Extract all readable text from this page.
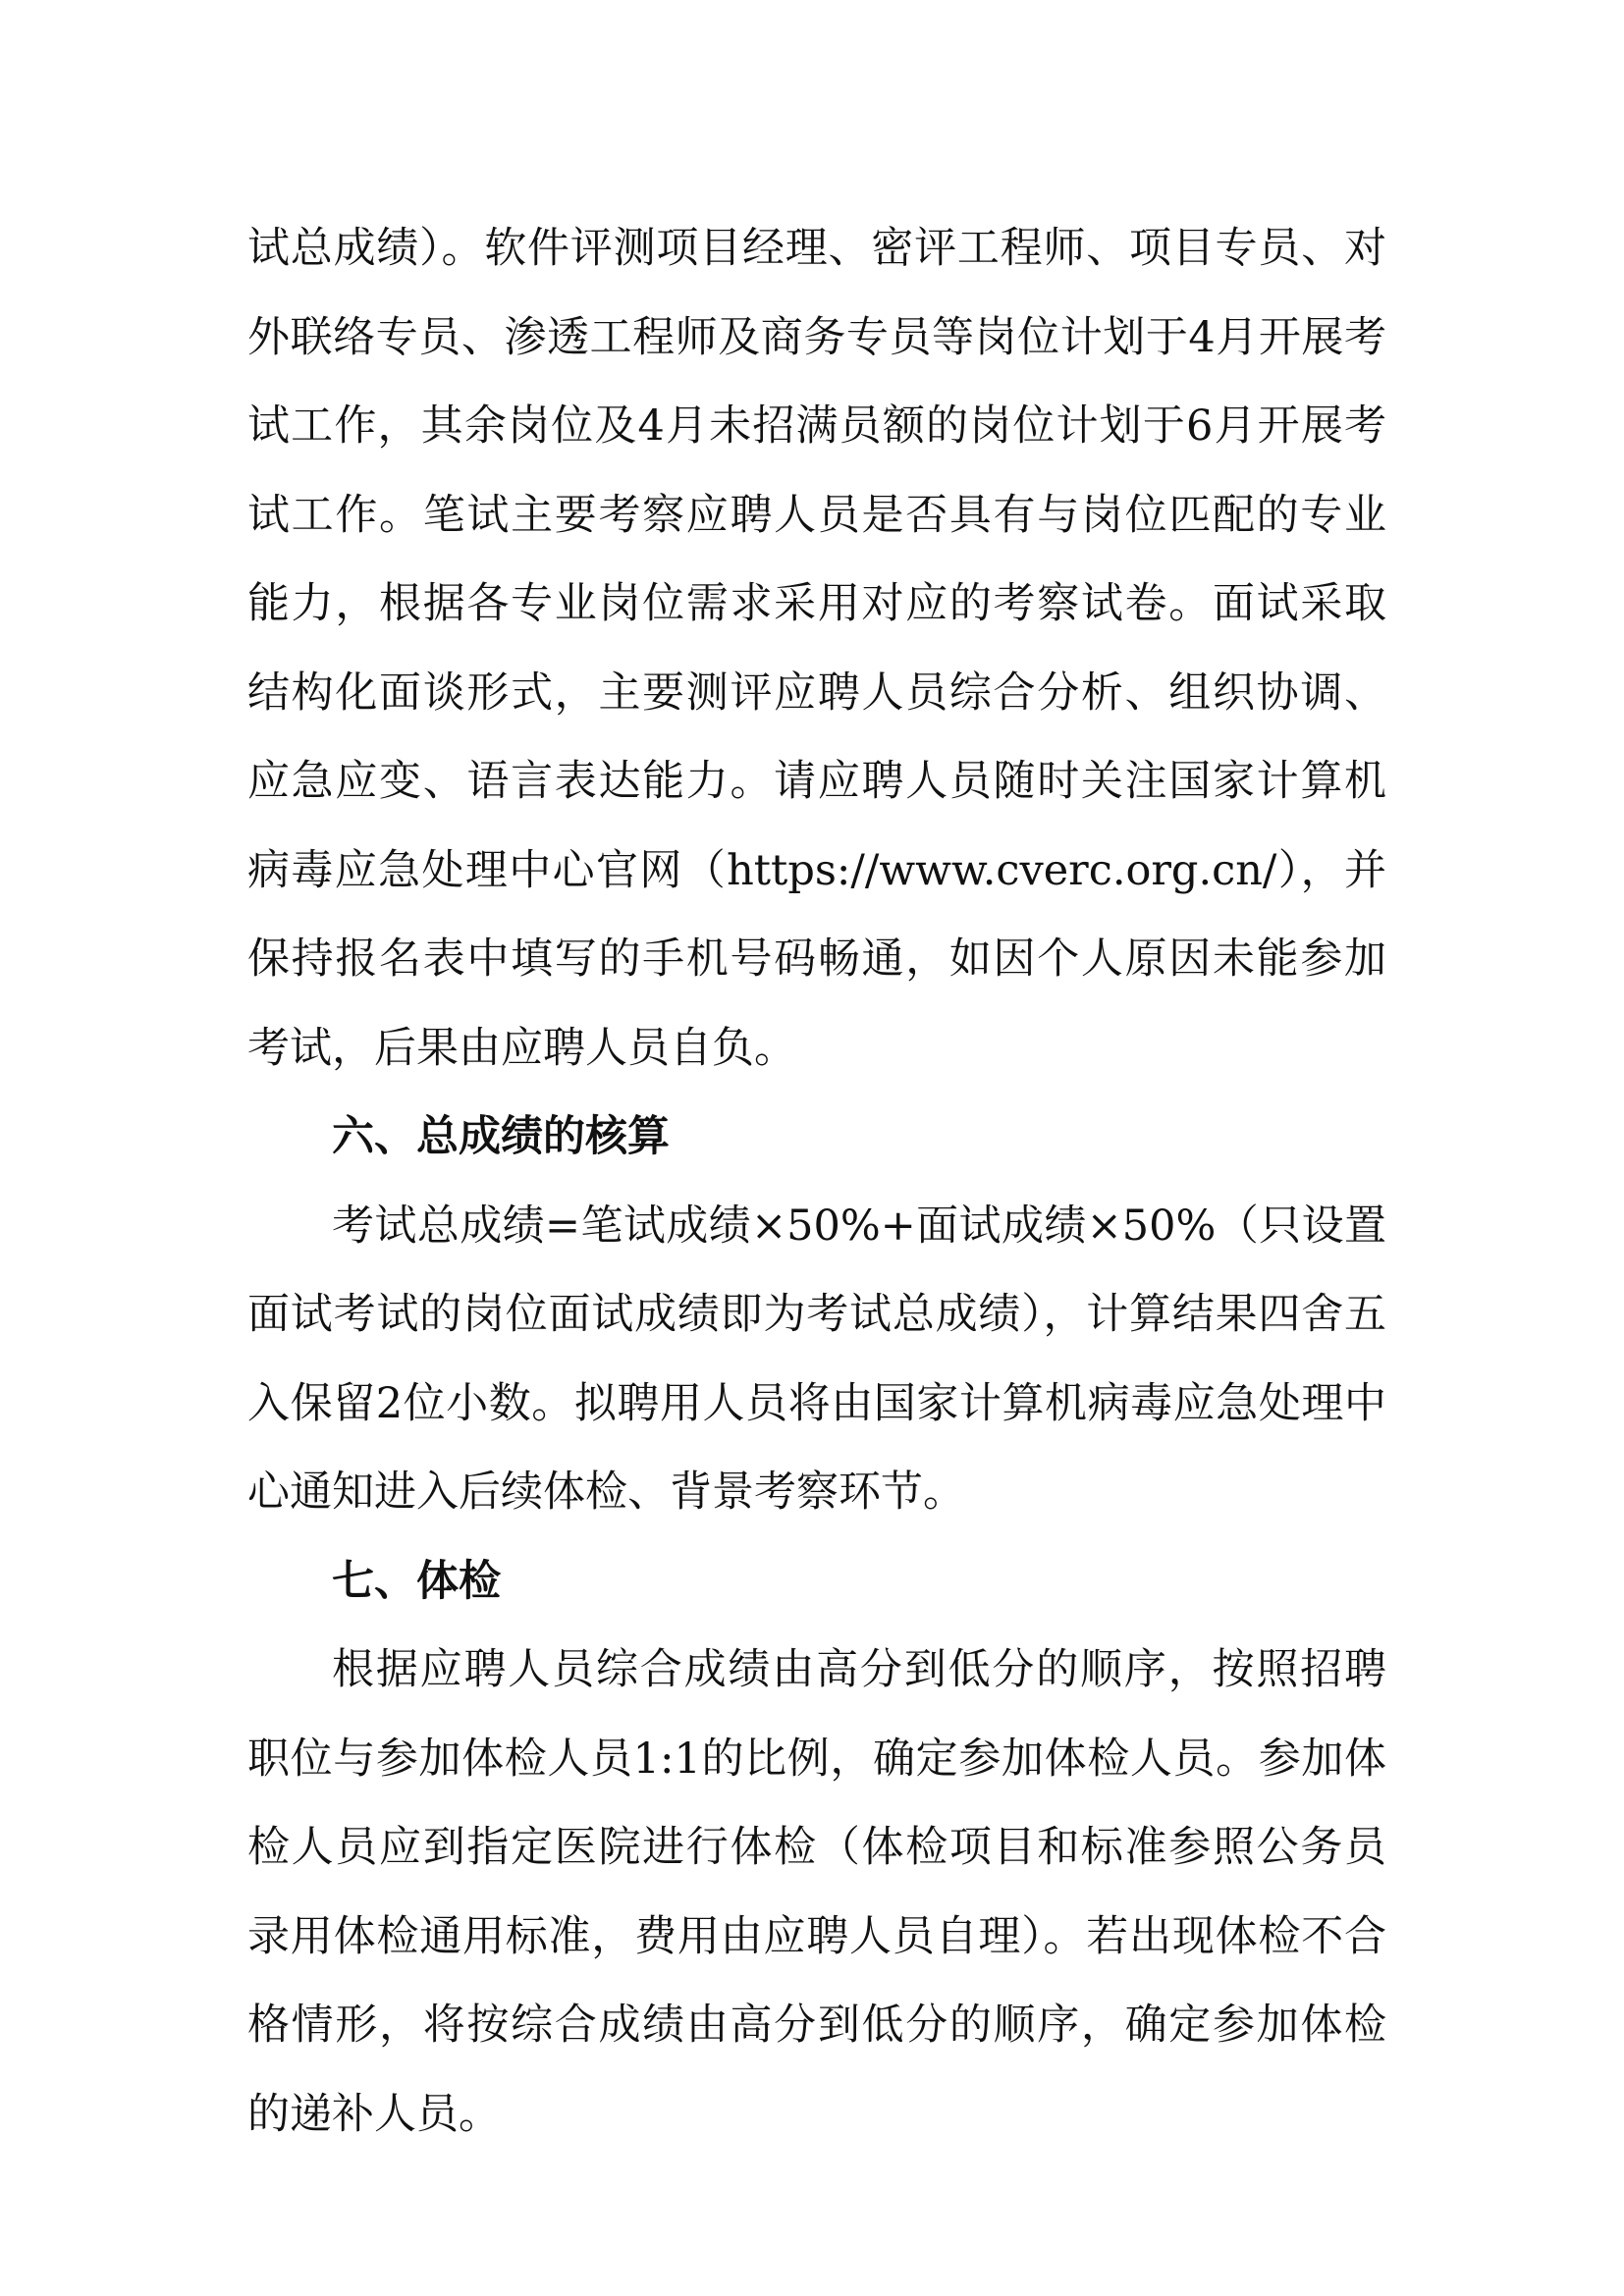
试总成绩）。软件评测项目经理、密评工程师、项目专员、对外联络专员、渗透工程师及商务专员等岗位计划于4月开展考试工作，其余岗位及4月未招满员额的岗位计划于6月开展考试工作。笔试主要考察应聘人员是否具有与岗位匹配的专业能力，根据各专业岗位需求采用对应的考察试卷。面试采取结构化面谈形式，主要测评应聘人员综合分析、组织协调、应急应变、语言表达能力。请应聘人员随时关注国家计算机病毒应急处理中心官网（https://www.cverc.org.cn/），并保持报名表中填写的手机号码畅通，如因个人原因未能参加考试，后果由应聘人员自负。

六、总成绩的核算

考试总成绩=笔试成绩×50%+面试成绩×50%（只设置面试考试的岗位面试成绩即为考试总成绩），计算结果四舍五入保留2位小数。拟聘用人员将由国家计算机病毒应急处理中心通知进入后续体检、背景考察环节。

七、体检

根据应聘人员综合成绩由高分到低分的顺序，按照招聘职位与参加体检人员1:1的比例，确定参加体检人员。参加体检人员应到指定医院进行体检（体检项目和标准参照公务员录用体检通用标准，费用由应聘人员自理）。若出现体检不合格情形，将按综合成绩由高分到低分的顺序，确定参加体检的递补人员。
